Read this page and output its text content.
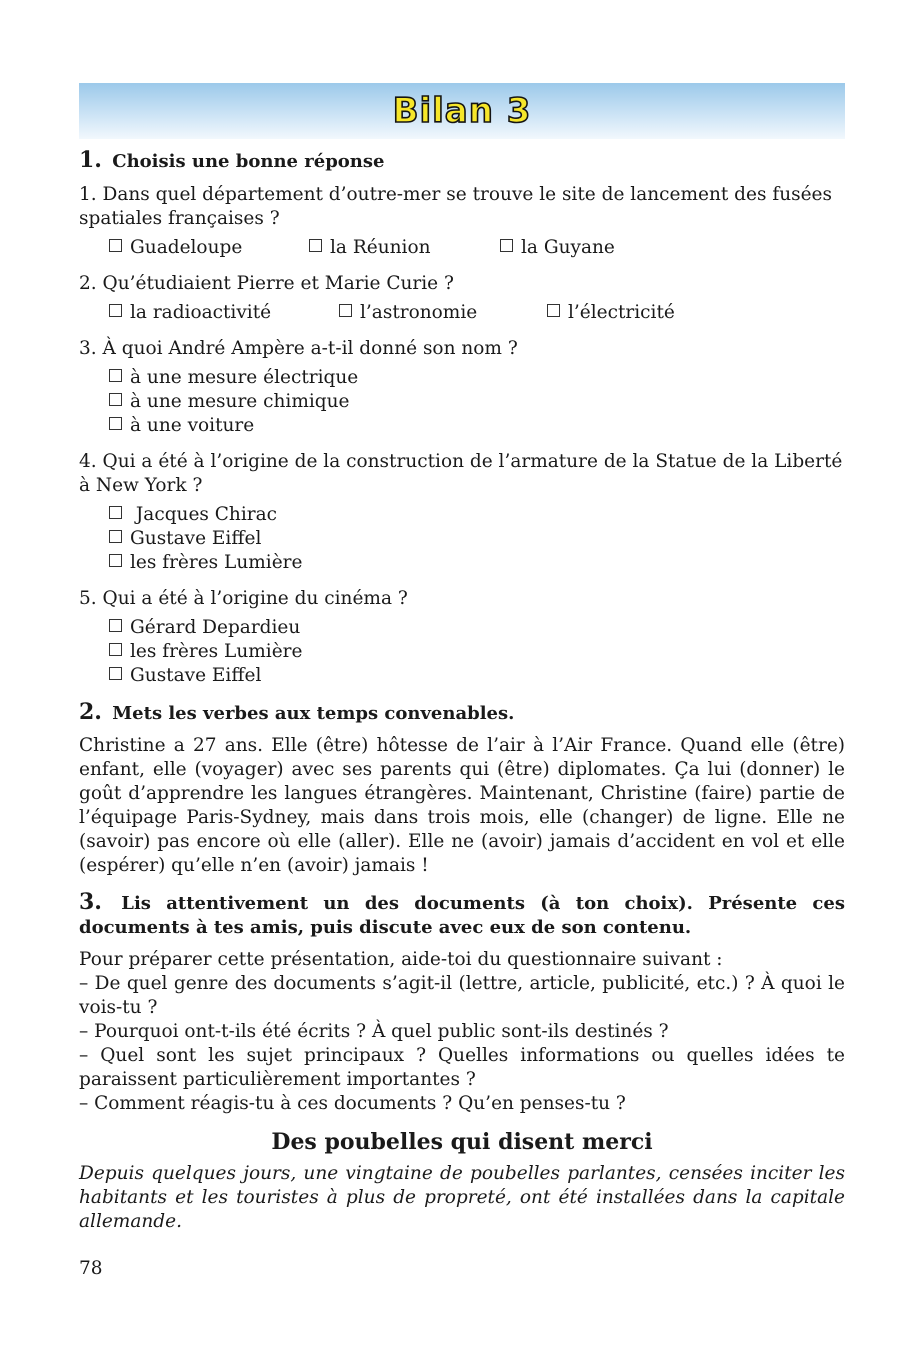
Bilan 3

1. Choisis une bonne réponse

1. Dans quel département d’outre-mer se trouve le site de lancement des fusées spatiales françaises ?

Guadeloupe	la Réunion	la Guyane

2. Qu’étudiaient Pierre et Marie Curie ?

la radioactivité	l’astronomie	l’électricité

3. À quoi André Ampère a-t-il donné son nom ?

à une mesure électrique
à une mesure chimique
à une voiture

4. Qui a été à l’origine de la construction de l’armature de la Statue de la Liberté à New York ?

Jacques Chirac
Gustave Eiffel
les frères Lumière

5. Qui a été à l’origine du cinéma ?

Gérard Depardieu
les frères Lumière
Gustave Eiffel

2. Mets les verbes aux temps convenables.

Christine a 27 ans. Elle (être) hôtesse de l’air à l’Air France. Quand elle (être) enfant, elle (voyager) avec ses parents qui (être) diplomates. Ça lui (donner) le goût d’apprendre les langues étrangères. Maintenant, Christine (faire) partie de l’équipage Paris-Sydney, mais dans trois mois, elle (changer) de ligne. Elle ne (savoir) pas encore où elle (aller). Elle ne (avoir) jamais d’accident en vol et elle (espérer) qu’elle n’en (avoir) jamais !

3. Lis attentivement un des documents (à ton choix). Présente ces documents à tes amis, puis discute avec eux de son contenu.

Pour préparer cette présentation, aide-toi du questionnaire suivant :

– De quel genre des documents s’agit-il (lettre, article, publicité, etc.) ? À quoi le vois-tu ?

– Pourquoi ont-t-ils été écrits ? À quel public sont-ils destinés ?

– Quel sont les sujet principaux ? Quelles informations ou quelles idées te paraissent particulièrement importantes ?

– Comment réagis-tu à ces documents ? Qu’en penses-tu ?

Des poubelles qui disent merci

Depuis quelques jours, une vingtaine de poubelles parlantes, censées inciter les habitants et les touristes à plus de propreté, ont été installées dans la capitale allemande.

78
